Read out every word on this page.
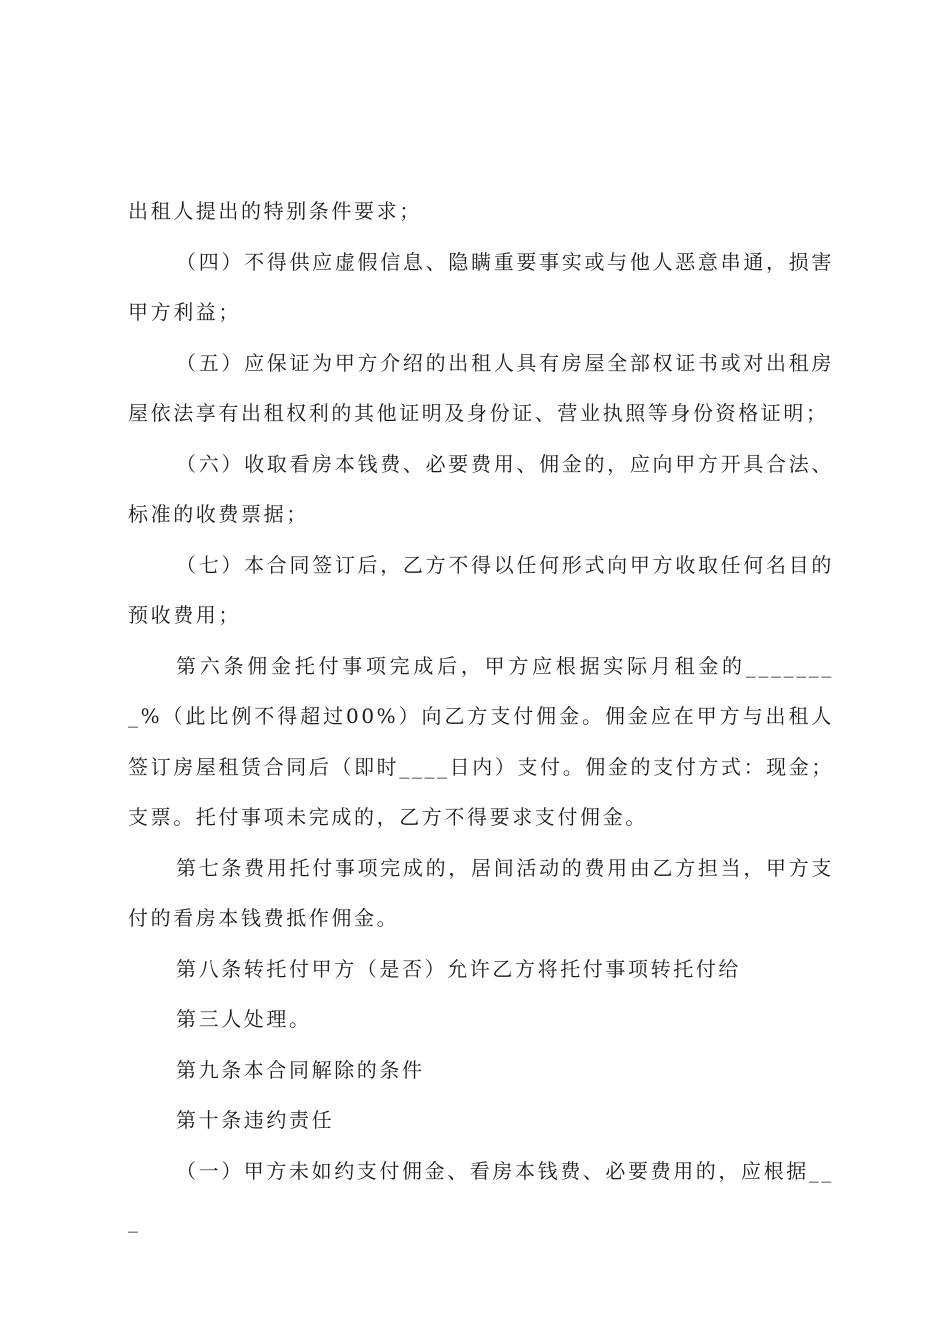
出租人提出的特别条件要求；

（四）不得供应虚假信息、隐瞒重要事实或与他人恶意串通，损害甲方利益；

（五）应保证为甲方介绍的出租人具有房屋全部权证书或对出租房屋依法享有出租权利的其他证明及身份证、营业执照等身份资格证明；

（六）收取看房本钱费、必要费用、佣金的，应向甲方开具合法、标准的收费票据；

（七）本合同签订后，乙方不得以任何形式向甲方收取任何名目的预收费用；

第六条佣金托付事项完成后，甲方应根据实际月租金的________%（此比例不得超过00%）向乙方支付佣金。佣金应在甲方与出租人签订房屋租赁合同后（即时____日内）支付。佣金的支付方式：现金；支票。托付事项未完成的，乙方不得要求支付佣金。

第七条费用托付事项完成的，居间活动的费用由乙方担当，甲方支付的看房本钱费抵作佣金。

第八条转托付甲方（是否）允许乙方将托付事项转托付给

第三人处理。

第九条本合同解除的条件

第十条违约责任

（一）甲方未如约支付佣金、看房本钱费、必要费用的，应根据___
